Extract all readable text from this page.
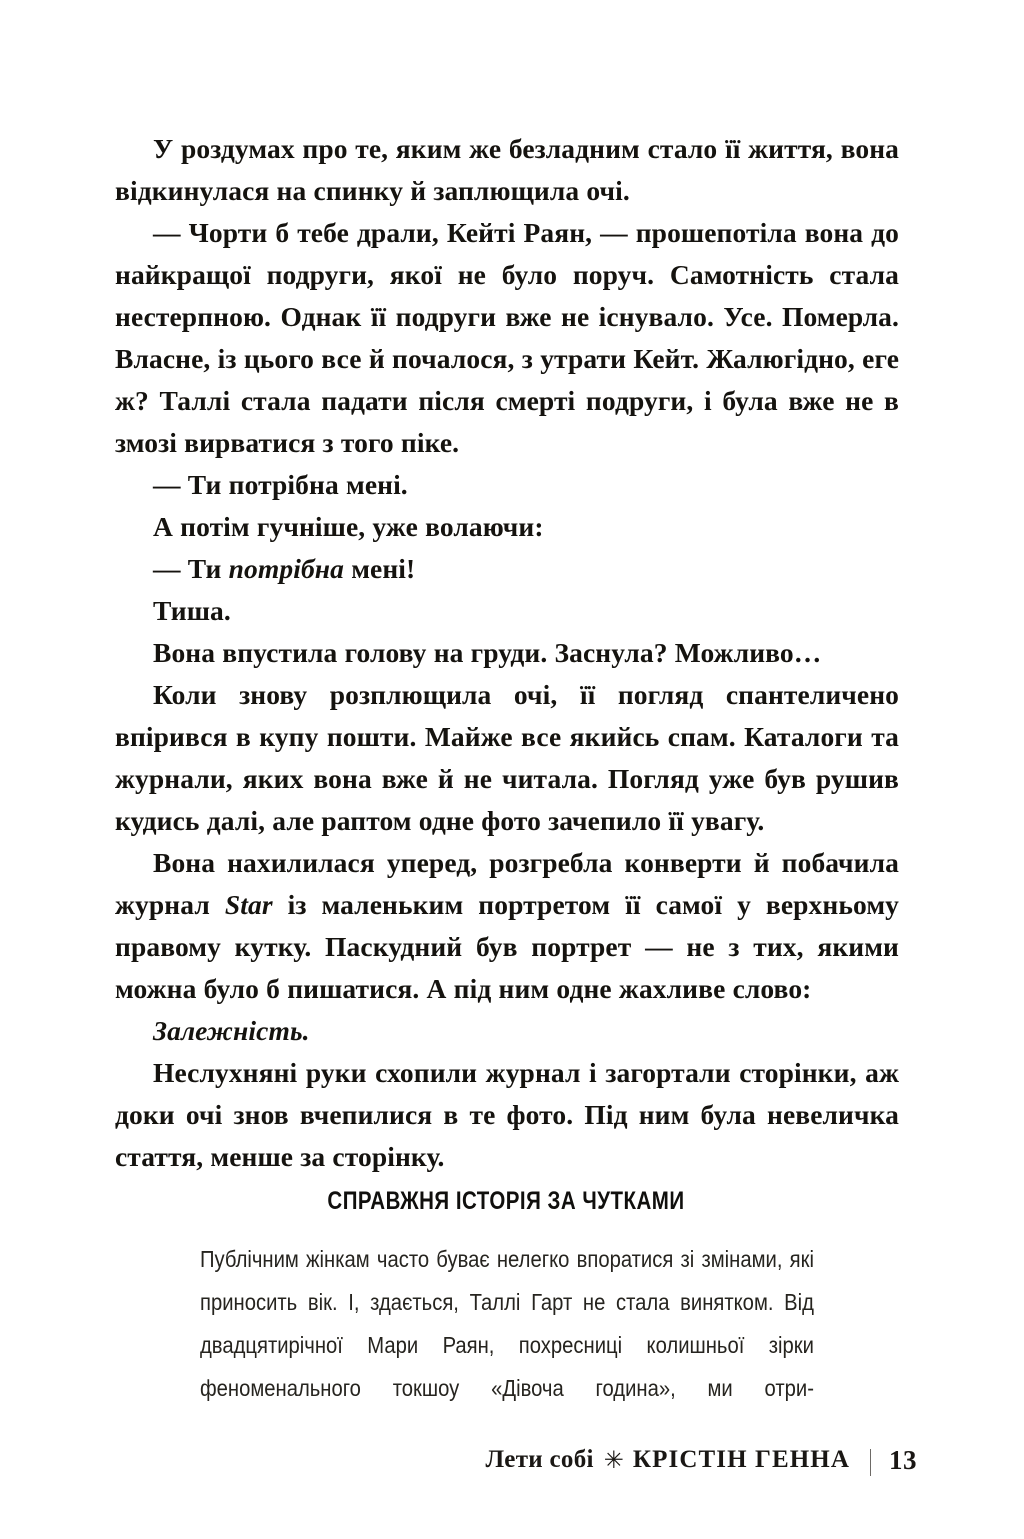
У роздумах про те, яким же безладним стало її життя, вона відкинулася на спинку й заплющила очі.

— Чорти б тебе драли, Кейті Раян, — прошепотіла вона до найкращої подруги, якої не було поруч. Самотність стала нестерпною. Однак її подруги вже не існувало. Усе. Померла. Власне, із цього все й почалося, з утрати Кейт. Жалюгідно, еге ж? Таллі стала падати після смерті подруги, і була вже не в змозі вирватися з того піке.

— Ти потрібна мені.

А потім гучніше, уже волаючи:

— Ти потрібна мені!

Тиша.

Вона впустила голову на груди. Заснула? Можливо…

Коли знову розплющила очі, її погляд спантеличено впірився в купу пошти. Майже все якийсь спам. Каталоги та журнали, яких вона вже й не читала. Погляд уже був рушив кудись далі, але раптом одне фото зачепило її увагу.

Вона нахилилася уперед, розгребла конверти й побачила журнал Star із маленьким портретом її самої у верхньому правому кутку. Паскудний був портрет — не з тих, якими можна було б пишатися. А під ним одне жахливе слово:

Залежність.

Неслухняні руки схопили журнал і загортали сторінки, аж доки очі знов вчепилися в те фото. Під ним була невеличка стаття, менше за сторінку.

СПРАВЖНЯ ІСТОРІЯ ЗА ЧУТКАМИ

Публічним жінкам часто буває нелегко впоратися зі змінами, які приносить вік. І, здається, Таллі Гарт не стала винятком. Від двадцятирічної Мари Раян, похресниці колишньої зірки феноменального токшоу «Дівоча година», ми отри-

Лети собі ✳ КРІСТІН ГЕННА 13
